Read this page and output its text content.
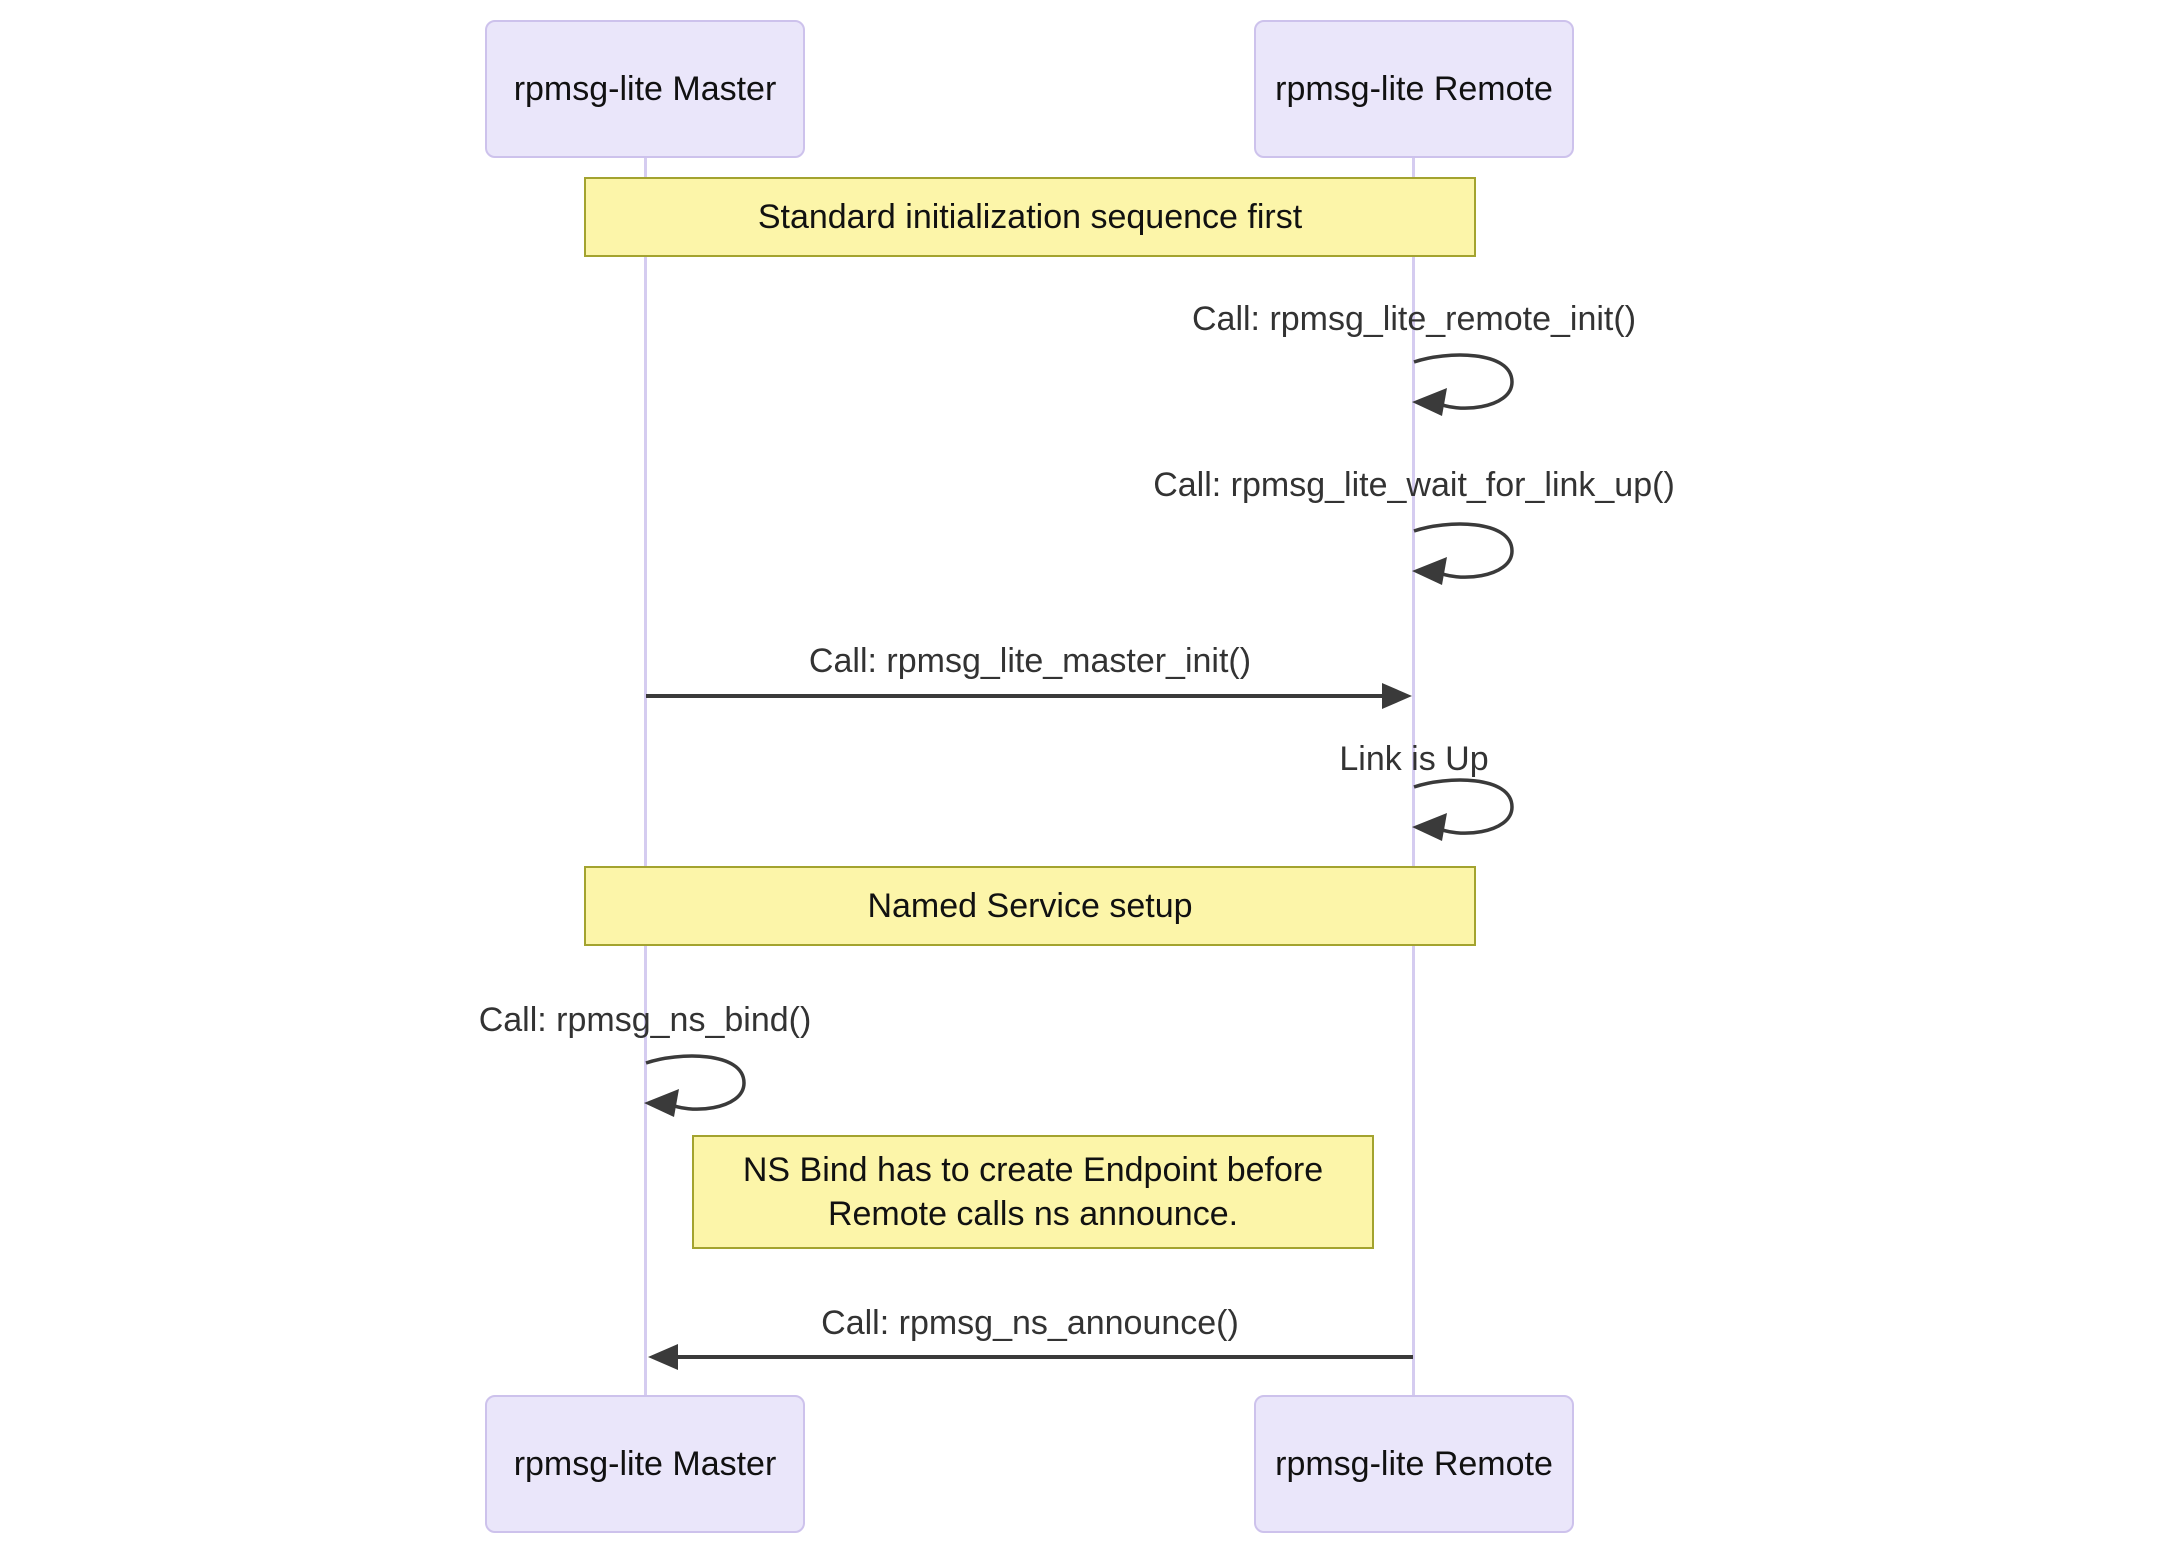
Standard initialization sequence first
Named Service setup
NS Bind has to create Endpoint before
Remote calls ns announce.
Call: rpmsg_lite_remote_init()
Call: rpmsg_lite_wait_for_link_up()
Call: rpmsg_lite_master_init()
Link is Up
Call: rpmsg_ns_bind()
Call: rpmsg_ns_announce()
rpmsg-lite Master	rpmsg-lite Remote
rpmsg-lite Master	rpmsg-lite Remote
